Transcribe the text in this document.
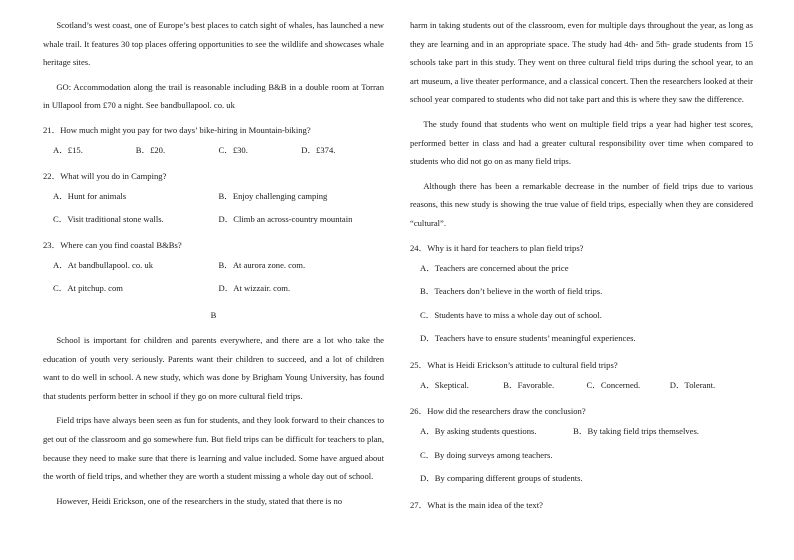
Scotland’s west coast, one of Europe’s best places to catch sight of whales, has launched a new whale trail. It features 30 top places offering opportunities to see the wildlife and showcases whale heritage sites.

GO: Accommodation along the trail is reasonable including B&B in a double room at Torran in Ullapool from £70 a night. See bandbullapool. co. uk

21．How much might you pay for two days’ bike-hiring in Mountain-biking?

A．£15.	B．£20.	C．£30.	D．£374.

22．What will you do in Camping?

A．Hunt for animals	B．Enjoy challenging camping
C．Visit traditional stone walls.	D．Climb an across-country mountain

23．Where can you find coastal B&Bs?

A．At bandbullapool. co. uk	B．At aurora zone. com.
C．At pitchup. com	D．At wizzair. com.
B

School is important for children and parents everywhere, and there are a lot who take the education of youth very seriously. Parents want their children to succeed, and a lot of children want to do well in school. A new study, which was done by Brigham Young University, has found that students perform better in school if they go on more cultural field trips.

Field trips have always been seen as fun for students, and they look forward to their chances to get out of the classroom and go somewhere fun. But field trips can be difficult for teachers to plan, because they need to make sure that there is learning and value included. Some have argued about the worth of field trips, and whether they are worth a student missing a whole day out of school.

However, Heidi Erickson, one of the researchers in the study, stated that there is no

harm in taking students out of the classroom, even for multiple days throughout the year, as long as they are learning and in an appropriate space. The study had 4th- and 5th- grade students from 15 schools take part in this study. They went on three cultural field trips during the school year, to an art museum, a live theater performance, and a classical concert. Then the researchers looked at their school year compared to students who did not take part and this is where they saw the difference.

The study found that students who went on multiple field trips a year had higher test scores, performed better in class and had a greater cultural responsibility over time when compared to students who did not go on as many field trips.

Although there has been a remarkable decrease in the number of field trips due to various reasons, this new study is showing the true value of field trips, especially when they are considered “cultural”.

24．Why is it hard for teachers to plan field trips?

A．Teachers are concerned about the price
B．Teachers don’t believe in the worth of field trips.
C．Students have to miss a whole day out of school.
D．Teachers have to ensure students’ meaningful experiences.

25．What is Heidi Erickson’s attitude to cultural field trips?

A．Skeptical.	B．Favorable.	C．Concerned.	D．Tolerant.

26．How did the researchers draw the conclusion?

A．By asking students questions.	B．By taking field trips themselves.
C．By doing surveys among teachers.
D．By comparing different groups of students.

27．What is the main idea of the text?
